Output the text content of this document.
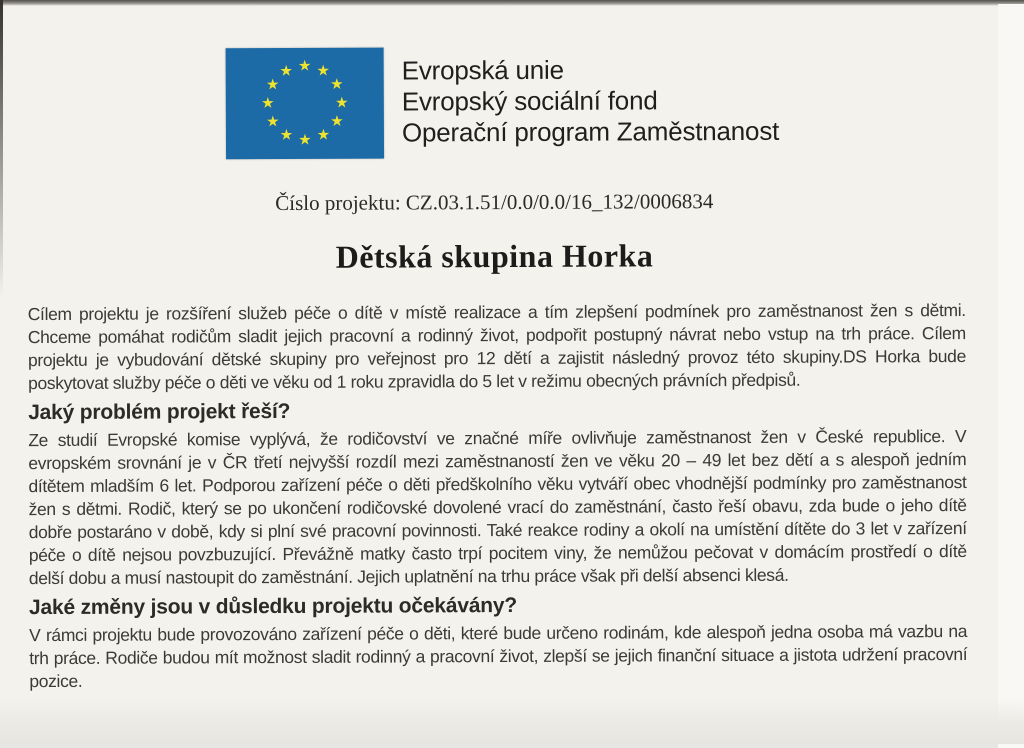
★ ★
★
★
★
★
★
★
★
★
★
★	Evropská unie
Evropský sociální fond
Operační program Zaměstnanost
Číslo projektu: CZ.03.1.51/0.0/0.0/16_132/0006834
Dětská skupina Horka

Cílem projektu je rozšíření služeb péče o dítě v místě realizace a tím zlepšení podmínek pro zaměstnanost žen s dětmi. Chceme pomáhat rodičům sladit jejich pracovní a rodinný život, podpořit postupný návrat nebo vstup na trh práce. Cílem projektu je vybudování dětské skupiny pro veřejnost pro 12 dětí a zajistit následný provoz této skupiny.DS Horka bude poskytovat služby péče o děti ve věku od 1 roku zpravidla do 5 let v režimu obecných právních předpisů.

Jaký problém projekt řeší?

Ze studií Evropské komise vyplývá, že rodičovství ve značné míře ovlivňuje zaměstnanost žen v České republice. V evropském srovnání je v ČR třetí nejvyšší rozdíl mezi zaměstnaností žen ve věku 20 – 49 let bez dětí a s alespoň jedním dítětem mladším 6 let. Podporou zařízení péče o děti předškolního věku vytváří obec vhodnější podmínky pro zaměstnanost žen s dětmi. Rodič, který se po ukončení rodičovské dovolené vrací do zaměstnání, často řeší obavu, zda bude o jeho dítě dobře postaráno v době, kdy si plní své pracovní povinnosti. Také reakce rodiny a okolí na umístění dítěte do 3 let v zařízení péče o dítě nejsou povzbuzující. Převážně matky často trpí pocitem viny, že nemůžou pečovat v domácím prostředí o dítě delší dobu a musí nastoupit do zaměstnání. Jejich uplatnění na trhu práce však při delší absenci klesá.

Jaké změny jsou v důsledku projektu očekávány?

V rámci projektu bude provozováno zařízení péče o děti, které bude určeno rodinám, kde alespoň jedna osoba má vazbu na trh práce. Rodiče budou mít možnost sladit rodinný a pracovní život, zlepší se jejich finanční situace a jistota udržení pracovní pozice.
